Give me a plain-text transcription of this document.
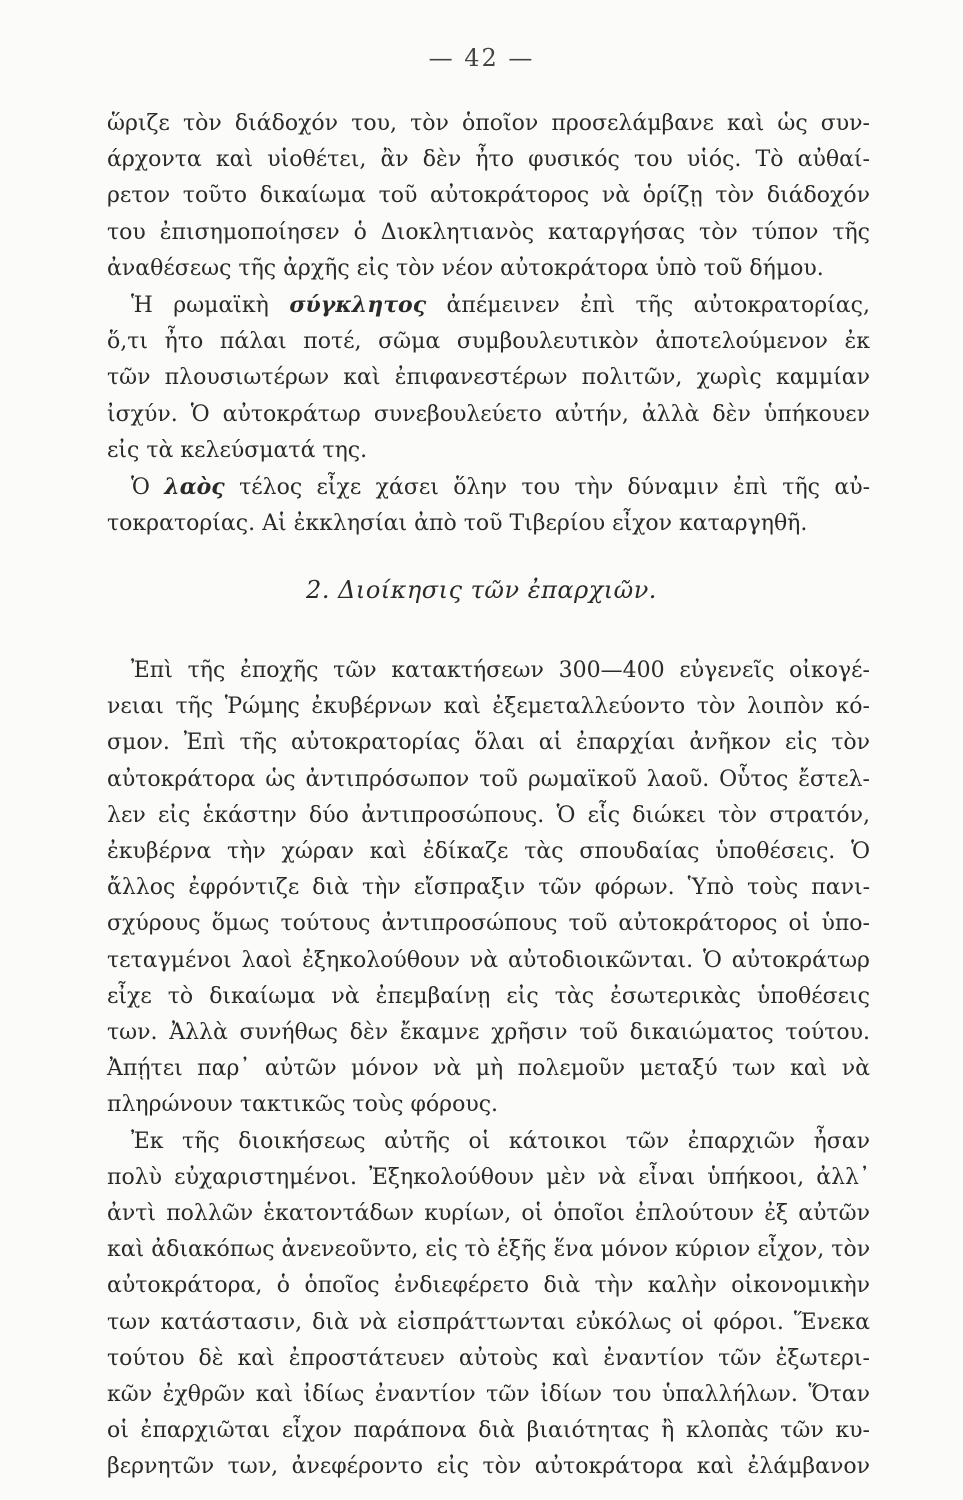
— 42 —
ὥριζε τὸν διάδοχόν του, τὸν ὁποῖον προσελάμβανε καὶ ὡς συν-
άρχοντα καὶ υἱοθέτει, ἂν δὲν ἦτο φυσικός του υἱός. Τὸ αὐθαί-
ρετον τοῦτο δικαίωμα τοῦ αὐτοκράτορος νὰ ὁρίζῃ τὸν διάδοχόν
του ἐπισημοποίησεν ὁ Διοκλητιανὸς καταργήσας τὸν τύπον τῆς
ἀναθέσεως τῆς ἀρχῆς εἰς τὸν νέον αὐτοκράτορα ὑπὸ τοῦ δήμου.
Ἡ ρωμαϊκὴ σύγκλητος ἀπέμεινεν ἐπὶ τῆς αὐτοκρατορίας,
ὅ,τι ἦτο πάλαι ποτέ, σῶμα συμβουλευτικὸν ἀποτελούμενον ἐκ
τῶν πλουσιωτέρων καὶ ἐπιφανεστέρων πολιτῶν, χωρὶς καμμίαν
ἰσχύν. Ὁ αὐτοκράτωρ συνεβουλεύετο αὐτήν, ἀλλὰ δὲν ὑπήκουεν
εἰς τὰ κελεύσματά της.
Ὁ λαὸς τέλος εἶχε χάσει ὅλην του τὴν δύναμιν ἐπὶ τῆς αὐ-
τοκρατορίας. Αἱ ἐκκλησίαι ἀπὸ τοῦ Τιβερίου εἶχον καταργηθῆ.
2. Διοίκησις τῶν ἐπαρχιῶν.
Ἐπὶ τῆς ἐποχῆς τῶν κατακτήσεων 300—400 εὐγενεῖς οἰκογέ-
νειαι τῆς Ῥώμης ἐκυβέρνων καὶ ἐξεμεταλλεύοντο τὸν λοιπὸν κό-
σμον. Ἐπὶ τῆς αὐτοκρατορίας ὅλαι αἱ ἐπαρχίαι ἀνῆκον εἰς τὸν
αὐτοκράτορα ὡς ἀντιπρόσωπον τοῦ ρωμαϊκοῦ λαοῦ. Οὗτος ἔστελ-
λεν εἰς ἑκάστην δύο ἀντιπροσώπους. Ὁ εἷς διώκει τὸν στρατόν,
ἐκυβέρνα τὴν χώραν καὶ ἐδίκαζε τὰς σπουδαίας ὑποθέσεις. Ὁ
ἄλλος ἐφρόντιζε διὰ τὴν εἴσπραξιν τῶν φόρων. Ὑπὸ τοὺς πανι-
σχύρους ὅμως τούτους ἀντιπροσώπους τοῦ αὐτοκράτορος οἱ ὑπο-
τεταγμένοι λαοὶ ἐξηκολούθουν νὰ αὐτοδιοικῶνται. Ὁ αὐτοκράτωρ
εἶχε τὸ δικαίωμα νὰ ἐπεμβαίνῃ εἰς τὰς ἐσωτερικὰς ὑποθέσεις
των. Ἀλλὰ συνήθως δὲν ἔκαμνε χρῆσιν τοῦ δικαιώματος τούτου.
Ἀπῄτει παρ᾿ αὐτῶν μόνον νὰ μὴ πολεμοῦν μεταξύ των καὶ νὰ
πληρώνουν τακτικῶς τοὺς φόρους.
Ἐκ τῆς διοικήσεως αὐτῆς οἱ κάτοικοι τῶν ἐπαρχιῶν ἦσαν
πολὺ εὐχαριστημένοι. Ἐξηκολούθουν μὲν νὰ εἶναι ὑπήκοοι, ἀλλ᾿
ἀντὶ πολλῶν ἑκατοντάδων κυρίων, οἱ ὁποῖοι ἐπλούτουν ἐξ αὐτῶν
καὶ ἀδιακόπως ἀνενεοῦντο, εἰς τὸ ἑξῆς ἕνα μόνον κύριον εἶχον, τὸν
αὐτοκράτορα, ὁ ὁποῖος ἐνδιεφέρετο διὰ τὴν καλὴν οἰκονομικὴν
των κατάστασιν, διὰ νὰ εἰσπράττωνται εὐκόλως οἱ φόροι. Ἕνεκα
τούτου δὲ καὶ ἐπροστάτευεν αὐτοὺς καὶ ἐναντίον τῶν ἐξωτερι-
κῶν ἐχθρῶν καὶ ἰδίως ἐναντίον τῶν ἰδίων του ὑπαλλήλων. Ὅταν
οἱ ἐπαρχιῶται εἶχον παράπονα διὰ βιαιότητας ἢ κλοπὰς τῶν κυ-
βερνητῶν των, ἀνεφέροντο εἰς τὸν αὐτοκράτορα καὶ ἐλάμβανον
